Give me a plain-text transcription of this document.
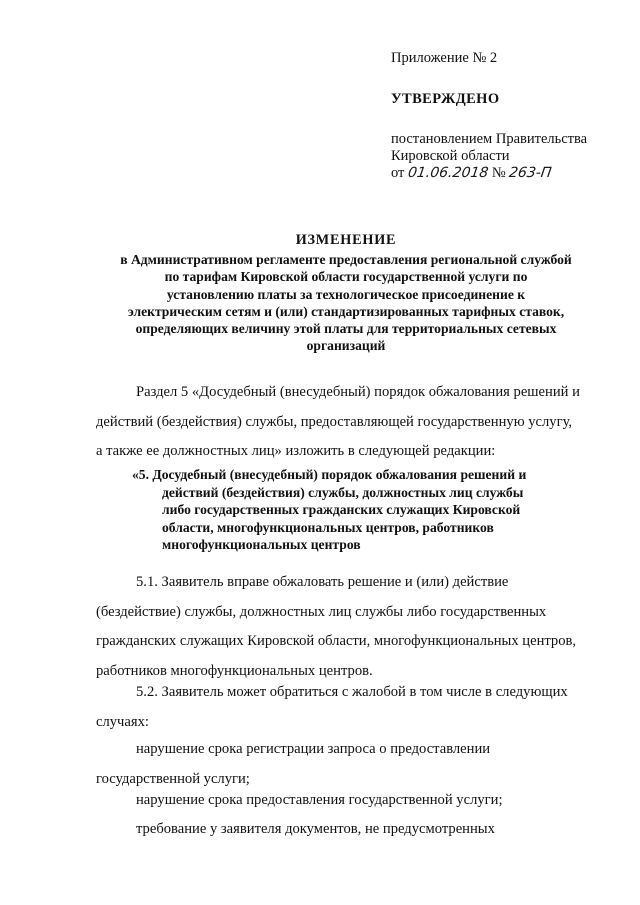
Приложение № 2

УТВЕРЖДЕНО

постановлением Правительства

Кировской области

от 01.06.2018 № 263-П

ИЗМЕНЕНИЕ

в Административном регламенте предоставления региональной службой

по тарифам Кировской области государственной услуги по

установлению платы за технологическое присоединение к

электрическим сетям и (или) стандартизированных тарифных ставок,

определяющих величину этой платы для территориальных сетевых

организаций

Раздел 5 «Досудебный (внесудебный) порядок обжалования решений и
действий (бездействия) службы, предоставляющей государственную услугу,
а также ее должностных лиц» изложить в следующей редакции:
«5. Досудебный (внесудебный) порядок обжалования решений и
действий (бездействия) службы, должностных лиц службы
либо государственных гражданских служащих Кировской
области, многофункциональных центров, работников
многофункциональных центров
5.1. Заявитель вправе обжаловать решение и (или) действие
(бездействие) службы, должностных лиц службы либо государственных
гражданских служащих Кировской области, многофункциональных центров,
работников многофункциональных центров.
5.2. Заявитель может обратиться с жалобой в том числе в следующих
случаях:
нарушение срока регистрации запроса о предоставлении
государственной услуги;
нарушение срока предоставления государственной услуги;
требование у заявителя документов, не предусмотренных
